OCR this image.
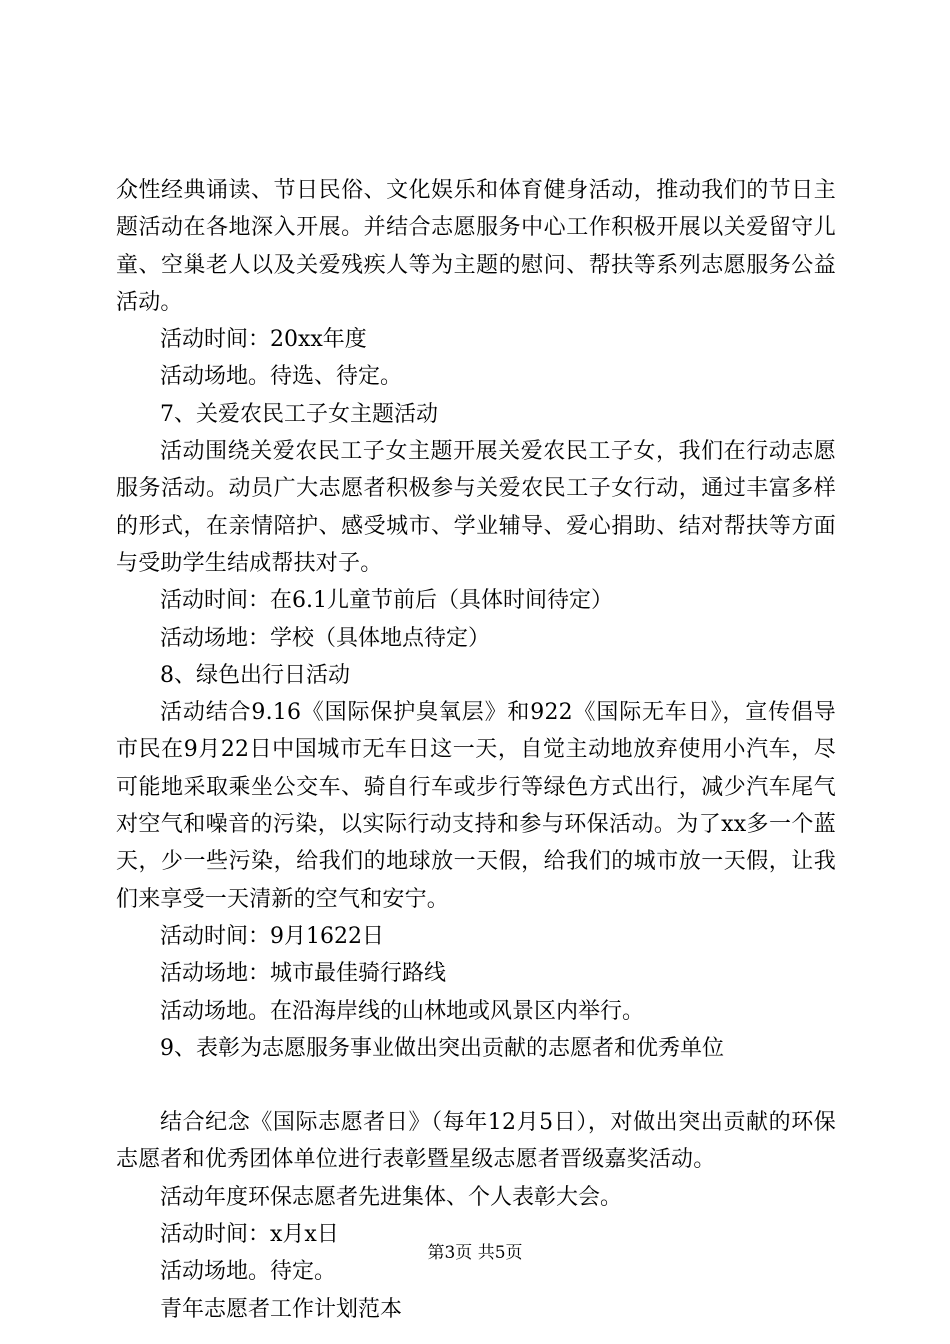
众性经典诵读、节日民俗、文化娱乐和体育健身活动，推动我们的节日主题活动在各地深入开展。并结合志愿服务中心工作积极开展以关爱留守儿童、空巢老人以及关爱残疾人等为主题的慰问、帮扶等系列志愿服务公益活动。

活动时间：20xx年度

活动场地。待选、待定。

7、关爱农民工子女主题活动

活动围绕关爱农民工子女主题开展关爱农民工子女，我们在行动志愿服务活动。动员广大志愿者积极参与关爱农民工子女行动，通过丰富多样的形式，在亲情陪护、感受城市、学业辅导、爱心捐助、结对帮扶等方面与受助学生结成帮扶对子。

活动时间：在6.1儿童节前后（具体时间待定）

活动场地：学校（具体地点待定）

8、绿色出行日活动

活动结合9.16《国际保护臭氧层》和922《国际无车日》，宣传倡导市民在9月22日中国城市无车日这一天，自觉主动地放弃使用小汽车，尽可能地采取乘坐公交车、骑自行车或步行等绿色方式出行，减少汽车尾气对空气和噪音的污染，以实际行动支持和参与环保活动。为了xx多一个蓝天，少一些污染，给我们的地球放一天假，给我们的城市放一天假，让我们来享受一天清新的空气和安宁。

活动时间：9月1622日

活动场地：城市最佳骑行路线

活动场地。在沿海岸线的山林地或风景区内举行。

9、表彰为志愿服务事业做出突出贡献的志愿者和优秀单位

结合纪念《国际志愿者日》（每年12月5日），对做出突出贡献的环保志愿者和优秀团体单位进行表彰暨星级志愿者晋级嘉奖活动。

活动年度环保志愿者先进集体、个人表彰大会。

活动时间：x月x日

活动场地。待定。

青年志愿者工作计划范本

第3页 共5页
